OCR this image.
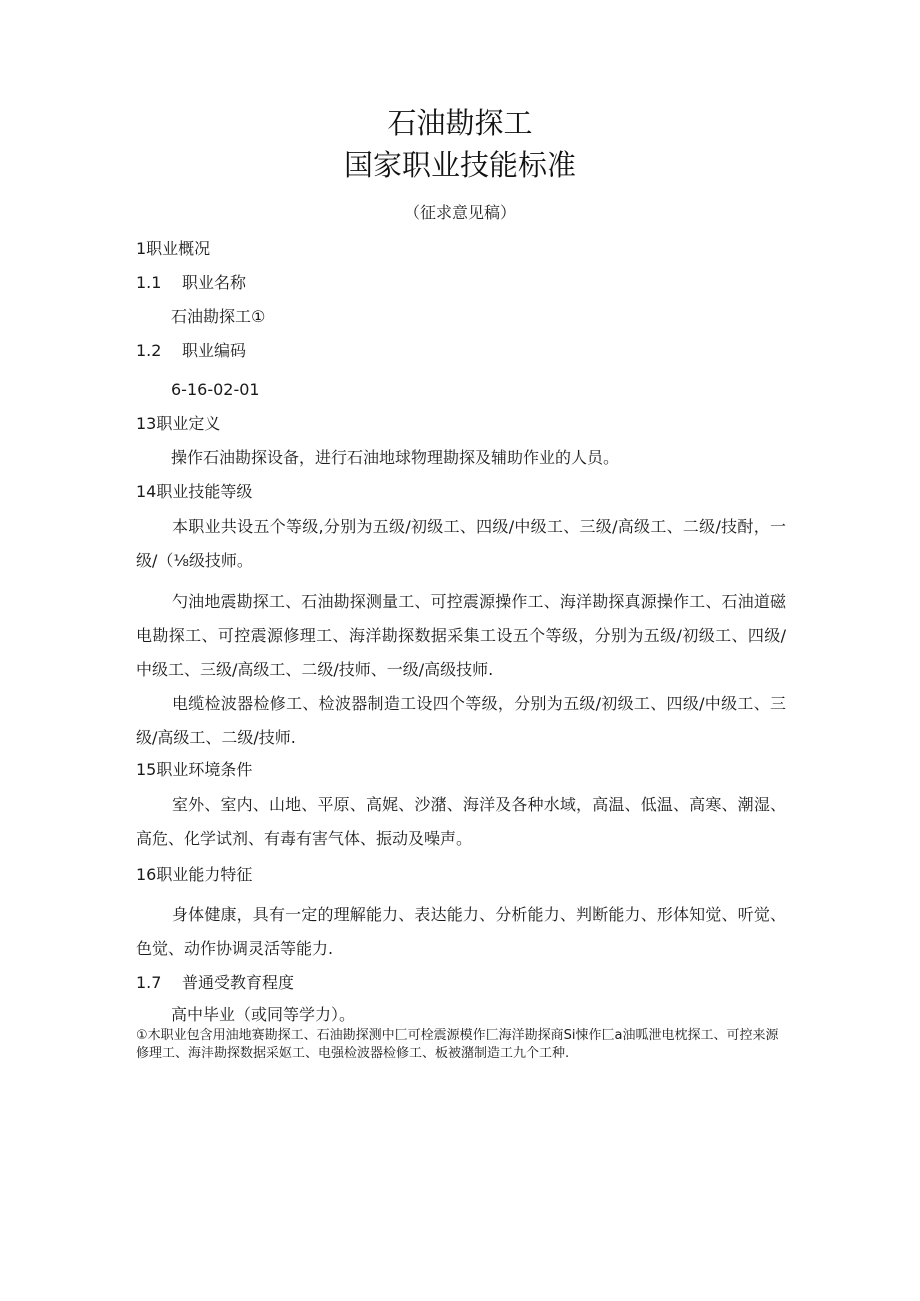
石油勘探工
国家职业技能标准
（征求意见稿）
1职业概况
1.1 职业名称
石油勘探工①
1.2 职业编码
6-16-02-01
13职业定义
操作石油勘探设备，进行石油地球物理勘探及辅助作业的人员。
14职业技能等级
本职业共设五个等级,分别为五级/初级工、四级/中级工、三级/高级工、二级/技酎，一级/（⅛级技师。
勺油地震勘探工、石油勘探测量工、可控震源操作工、海洋勘探真源操作工、石油道磁电勘探工、可控震源修理工、海洋勘探数据采集工设五个等级，分别为五级/初级工、四级/中级工、三级/高级工、二级/技师、一级/高级技师.
电缆检波器检修工、检波器制造工设四个等级，分别为五级/初级工、四级/中级工、三级/高级工、二级/技师.
15职业环境条件
室外、室内、山地、平原、高娓、沙潴、海洋及各种水域，高温、低温、高寒、潮湿、高危、化学试剂、有毒有害气体、振动及噪声。
16职业能力特征
身体健康，具有一定的理解能力、表达能力、分析能力、判断能力、形体知觉、听觉、色觉、动作协调灵活等能力.
1.7 普通受教育程度
高中毕业（或同等学力）。
①木职业包含用油地赛勘探工、石油勘探测中匚可栓震源模作匚海洋勘探商Si悚作匚a油呱泄电枕探工、可控来源修理工、海沣勘探数据采妪工、电强检波器检修工、板被潴制造工九个工种.
